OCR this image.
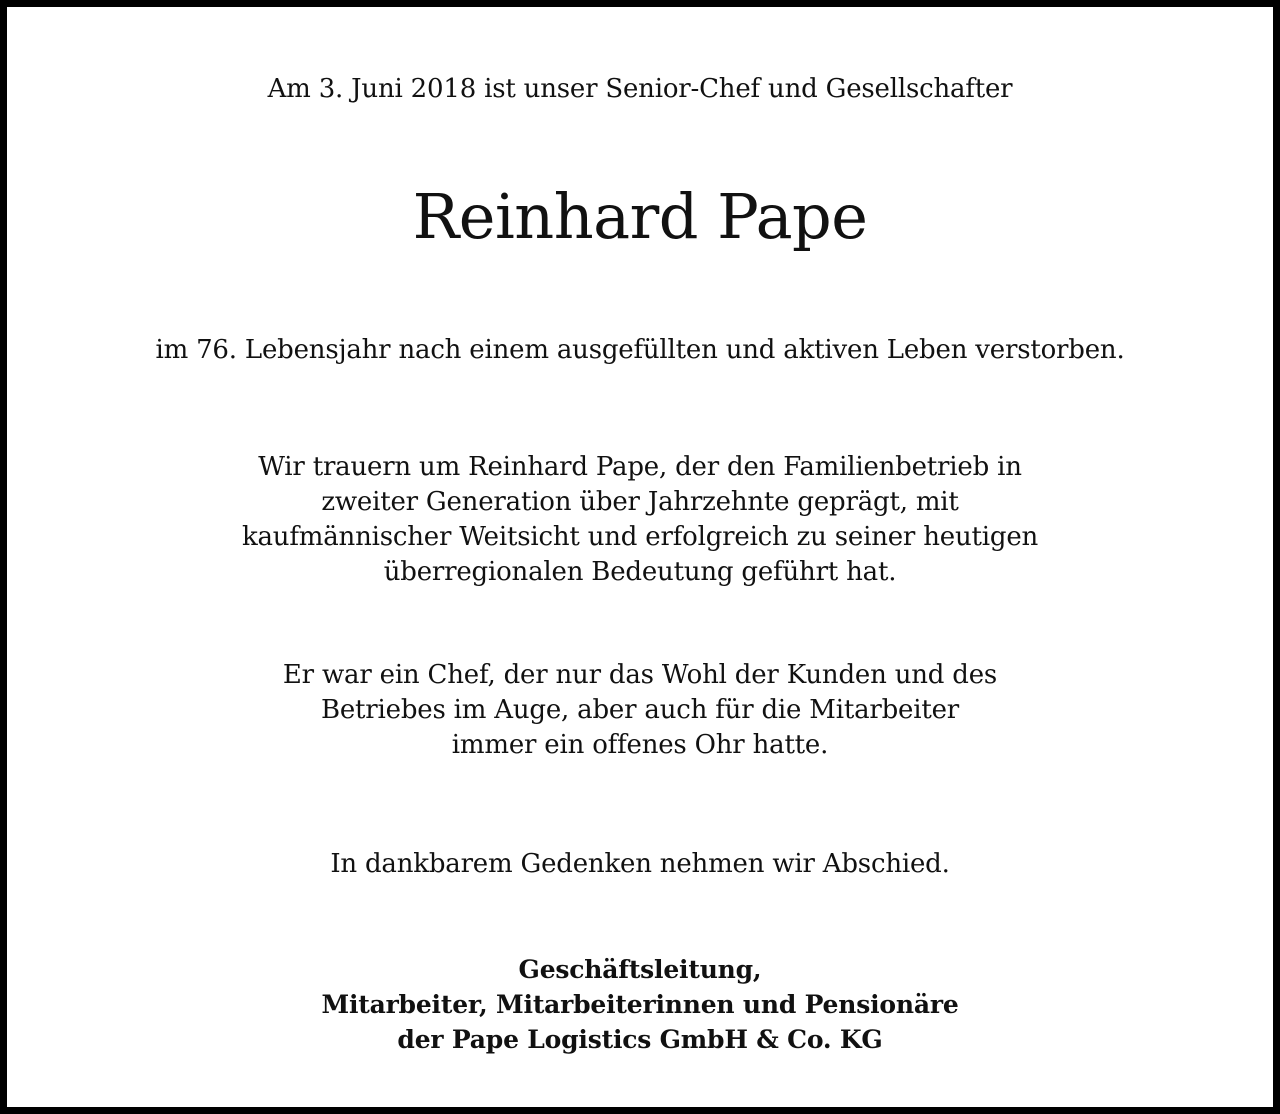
Am 3. Juni 2018 ist unser Senior-Chef und Gesellschafter
Reinhard Pape
im 76. Lebensjahr nach einem ausgefüllten und aktiven Leben verstorben.
Wir trauern um Reinhard Pape, der den Familienbetrieb in
zweiter Generation über Jahrzehnte geprägt, mit
kaufmännischer Weitsicht und erfolgreich zu seiner heutigen
überregionalen Bedeutung geführt hat.
Er war ein Chef, der nur das Wohl der Kunden und des
Betriebes im Auge, aber auch für die Mitarbeiter
immer ein offenes Ohr hatte.
In dankbarem Gedenken nehmen wir Abschied.
Geschäftsleitung,
Mitarbeiter, Mitarbeiterinnen und Pensionäre
der Pape Logistics GmbH & Co. KG
